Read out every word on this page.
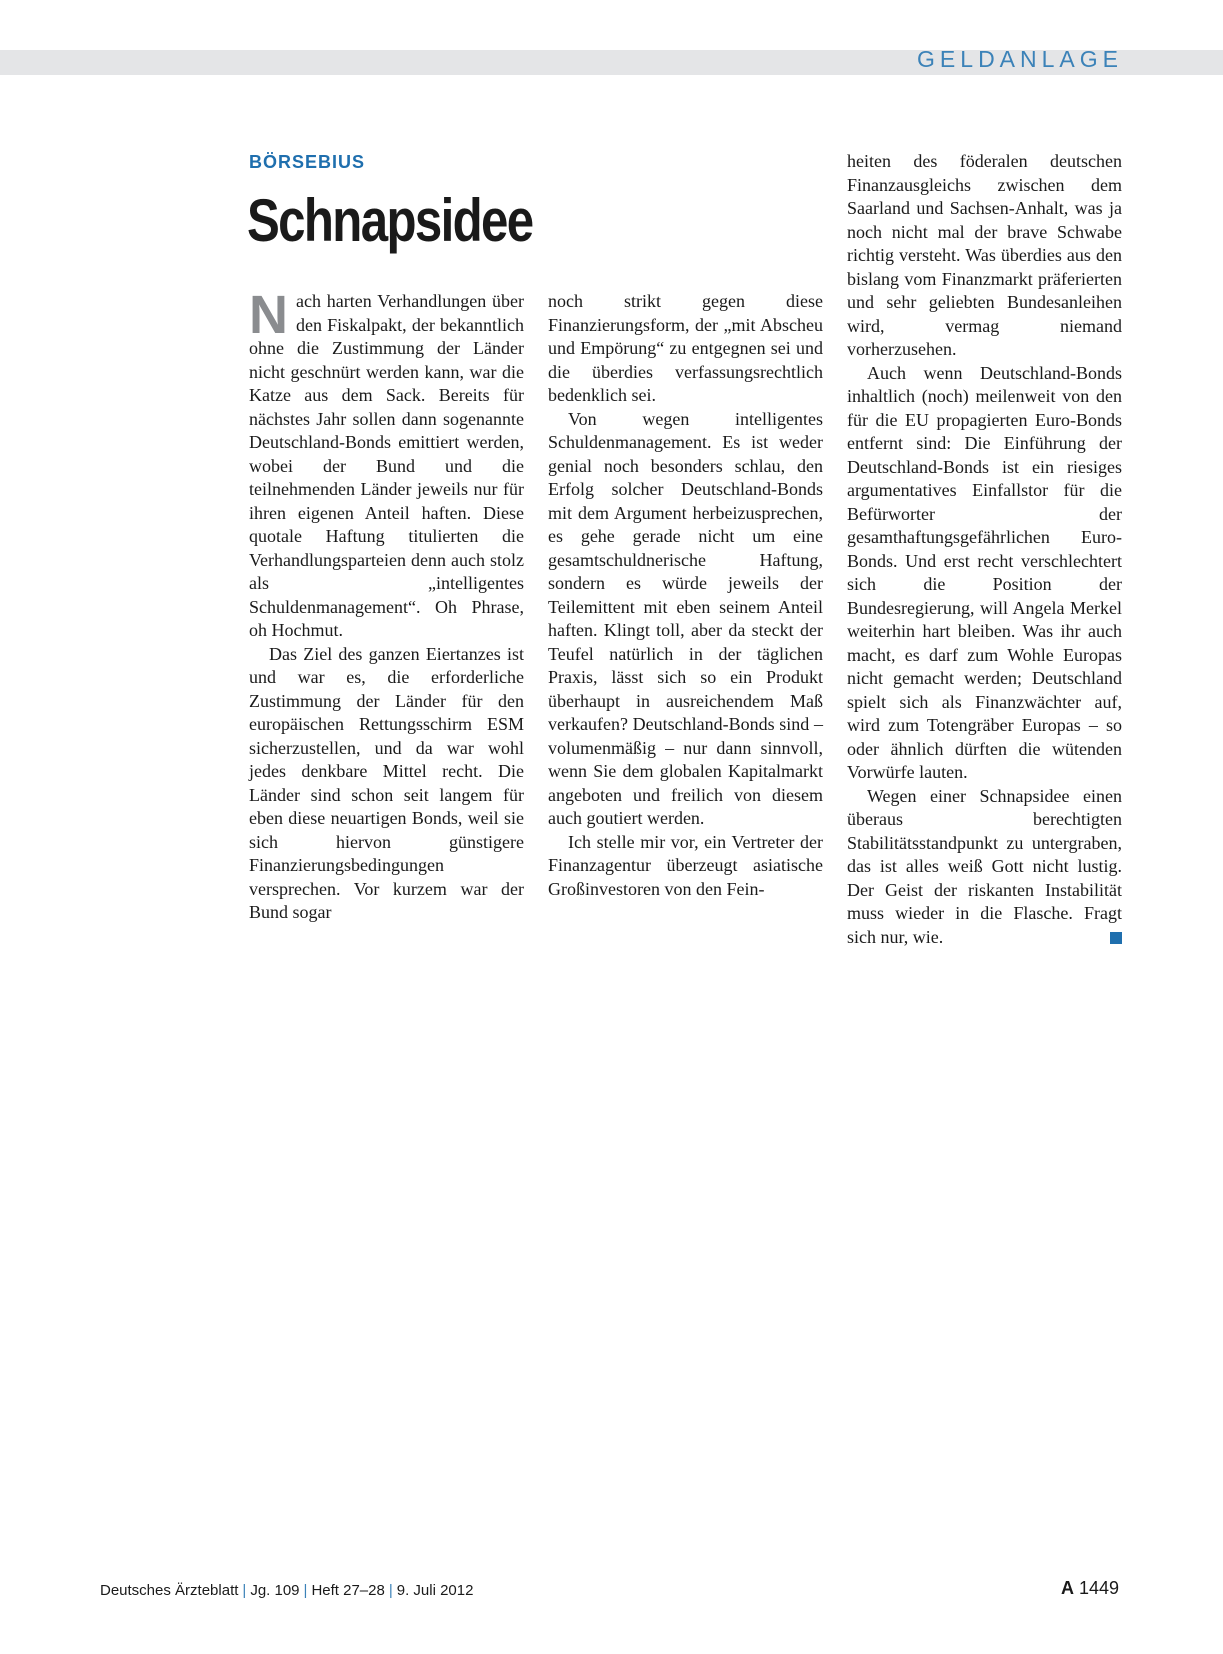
GELDANLAGE
BÖRSEBIUS
Schnapsidee

Nach harten Verhandlungen über den Fiskalpakt, der bekanntlich ohne die Zustimmung der Länder nicht geschnürt werden kann, war die Katze aus dem Sack. Bereits für nächstes Jahr sollen dann sogenannte Deutschland-Bonds emittiert werden, wobei der Bund und die teilnehmenden Länder jeweils nur für ihren eigenen Anteil haften. Diese quotale Haftung titulierten die Verhandlungsparteien denn auch stolz als „intelligentes Schuldenmanagement“. Oh Phrase, oh Hochmut.

Das Ziel des ganzen Eiertanzes ist und war es, die erforderliche Zustimmung der Länder für den europäischen Rettungsschirm ESM sicherzustellen, und da war wohl jedes denkbare Mittel recht. Die Länder sind schon seit langem für eben diese neuartigen Bonds, weil sie sich hiervon günstigere Finanzierungsbedingungen versprechen. Vor kurzem war der Bund sogar

noch strikt gegen diese Finanzierungsform, der „mit Abscheu und Empörung“ zu entgegnen sei und die überdies verfassungsrechtlich bedenklich sei.

Von wegen intelligentes Schuldenmanagement. Es ist weder genial noch besonders schlau, den Erfolg solcher Deutschland-Bonds mit dem Argument herbeizusprechen, es gehe gerade nicht um eine gesamtschuldnerische Haftung, sondern es würde jeweils der Teilemittent mit eben seinem Anteil haften. Klingt toll, aber da steckt der Teufel natürlich in der täglichen Praxis, lässt sich so ein Produkt überhaupt in ausreichendem Maß verkaufen? Deutschland-Bonds sind – volumenmäßig – nur dann sinnvoll, wenn Sie dem globalen Kapitalmarkt angeboten und freilich von diesem auch goutiert werden.

Ich stelle mir vor, ein Vertreter der Finanzagentur überzeugt asiatische Großinvestoren von den Fein-

heiten des föderalen deutschen Finanzausgleichs zwischen dem Saarland und Sachsen-Anhalt, was ja noch nicht mal der brave Schwabe richtig versteht. Was überdies aus den bislang vom Finanzmarkt präferierten und sehr geliebten Bundesanleihen wird, vermag niemand vorherzusehen.

Auch wenn Deutschland-Bonds inhaltlich (noch) meilenweit von den für die EU propagierten Euro-Bonds entfernt sind: Die Einführung der Deutschland-Bonds ist ein riesiges argumentatives Einfallstor für die Befürworter der gesamthaftungsgefährlichen Euro-Bonds. Und erst recht verschlechtert sich die Position der Bundesregierung, will Angela Merkel weiterhin hart bleiben. Was ihr auch macht, es darf zum Wohle Europas nicht gemacht werden; Deutschland spielt sich als Finanzwächter auf, wird zum Totengräber Europas – so oder ähnlich dürften die wütenden Vorwürfe lauten.

Wegen einer Schnapsidee einen überaus berechtigten Stabilitätsstandpunkt zu untergraben, das ist alles weiß Gott nicht lustig. Der Geist der riskanten Instabilität muss wieder in die Flasche. Fragt sich nur, wie.

Deutsches Ärzteblatt | Jg. 109 | Heft 27–28 | 9. Juli 2012	A 1449
